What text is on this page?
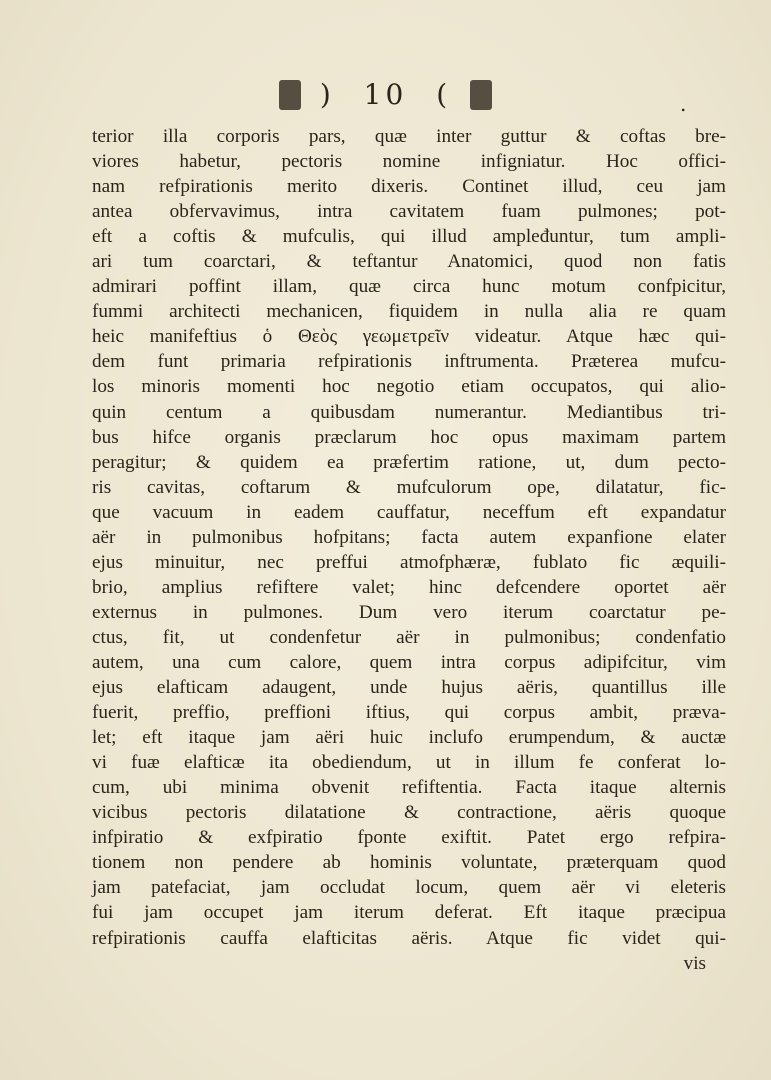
) 10 (	.
terior illa corporis pars, quæ inter guttur & coftas bre-
viores habetur, pectoris nomine infigniatur. Hoc offici-
nam refpirationis merito dixeris. Continet illud, ceu jam
antea obfervavimus, intra cavitatem fuam pulmones; pot-
eft a coftis & mufculis, qui illud ampleđuntur, tum ampli-
ari tum coarctari, & teftantur Anatomici, quod non fatis
admirari poffint illam, quæ circa hunc motum confpicitur,
fummi architecti mechanicen, fiquidem in nulla alia re quam
heic manifeftius ὁ Θεὸς γεωμετρεῖν videatur. Atque hæc qui-
dem funt primaria refpirationis inftrumenta. Præterea mufcu-
los minoris momenti hoc negotio etiam occupatos, qui alio-
quin centum a quibusdam numerantur. Mediantibus tri-
bus hifce organis præclarum hoc opus maximam partem
peragitur; & quidem ea præfertim ratione, ut, dum pecto-
ris cavitas, coftarum & mufculorum ope, dilatatur, fic-
que vacuum in eadem cauffatur, neceffum eft expandatur
aër in pulmonibus hofpitans; facta autem expanfione elater
ejus minuitur, nec preffui atmofphæræ, fublato fic æquili-
brio, amplius refiftere valet; hinc defcendere oportet aër
externus in pulmones. Dum vero iterum coarctatur pe-
ctus, fit, ut condenfetur aër in pulmonibus; condenfatio
autem, una cum calore, quem intra corpus adipifcitur, vim
ejus elafticam adaugent, unde hujus aëris, quantillus ille
fuerit, preffio, preffioni iftius, qui corpus ambit, præva-
let; eft itaque jam aëri huic inclufo erumpendum, & auctæ
vi fuæ elafticæ ita obediendum, ut in illum fe conferat lo-
cum, ubi minima obvenit refiftentia. Facta itaque alternis
vicibus pectoris dilatatione & contractione, aëris quoque
infpiratio & exfpiratio fponte exiftit. Patet ergo refpira-
tionem non pendere ab hominis voluntate, præterquam quod
jam patefaciat, jam occludat locum, quem aër vi eleteris
fui jam occupet jam iterum deferat. Eft itaque præcipua
refpirationis cauffa elafticitas aëris. Atque fic videt qui-
vis
